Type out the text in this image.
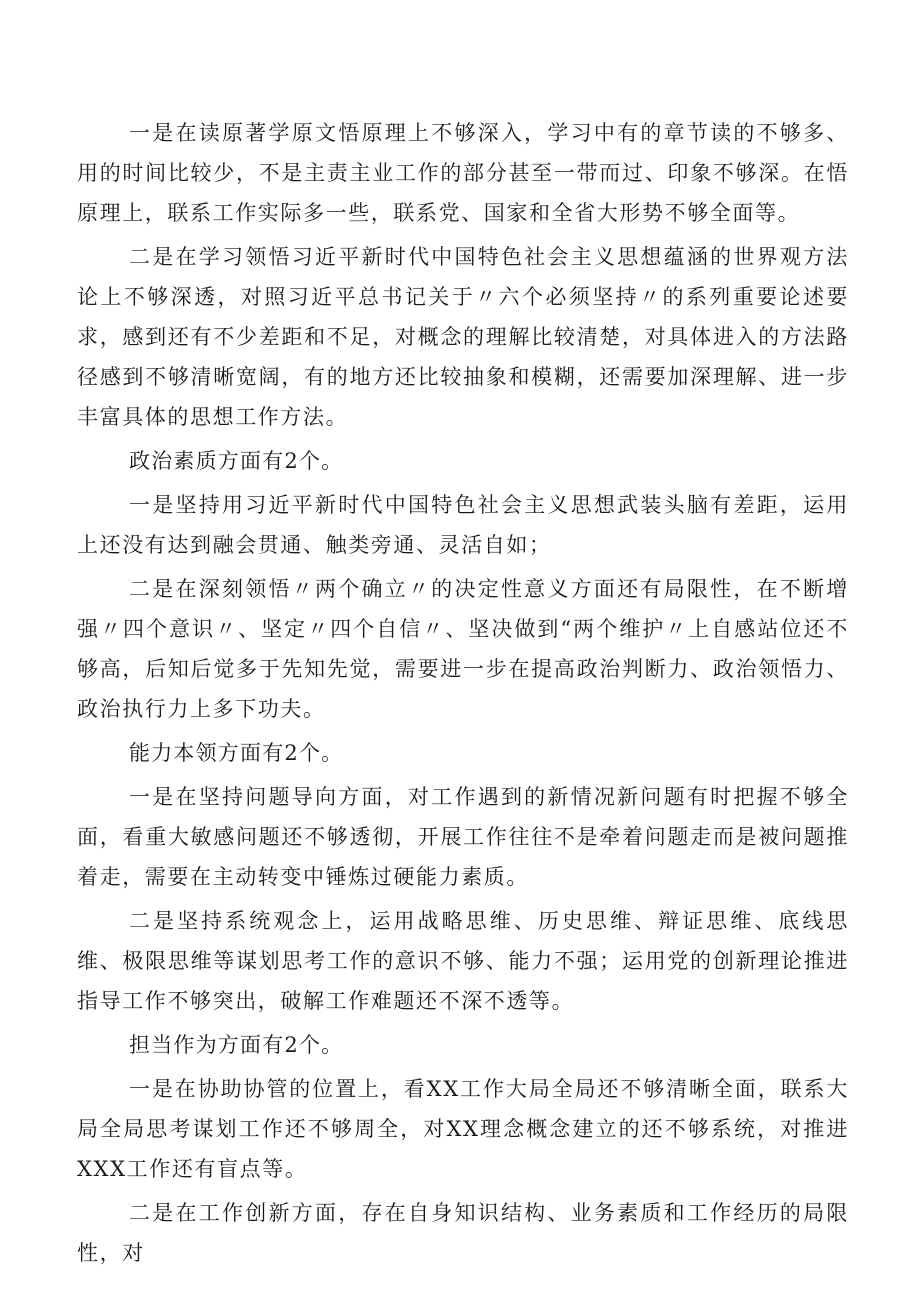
一是在读原著学原文悟原理上不够深入，学习中有的章节读的不够多、用的时间比较少，不是主责主业工作的部分甚至一带而过、印象不够深。在悟原理上，联系工作实际多一些，联系党、国家和全省大形势不够全面等。

二是在学习领悟习近平新时代中国特色社会主义思想蕴涵的世界观方法论上不够深透，对照习近平总书记关于〃六个必须坚持〃的系列重要论述要求，感到还有不少差距和不足，对概念的理解比较清楚，对具体进入的方法路径感到不够清晰宽阔，有的地方还比较抽象和模糊，还需要加深理解、进一步丰富具体的思想工作方法。

政治素质方面有2个。

一是坚持用习近平新时代中国特色社会主义思想武装头脑有差距，运用上还没有达到融会贯通、触类旁通、灵活自如；

二是在深刻领悟〃两个确立〃的决定性意义方面还有局限性，在不断增强〃四个意识〃、坚定〃四个自信〃、坚决做到“两个维护〃上自感站位还不够高，后知后觉多于先知先觉，需要进一步在提高政治判断力、政治领悟力、政治执行力上多下功夫。

能力本领方面有2个。

一是在坚持问题导向方面，对工作遇到的新情况新问题有时把握不够全面，看重大敏感问题还不够透彻，开展工作往往不是牵着问题走而是被问题推着走，需要在主动转变中锤炼过硬能力素质。

二是坚持系统观念上，运用战略思维、历史思维、辩证思维、底线思维、极限思维等谋划思考工作的意识不够、能力不强；运用党的创新理论推进指导工作不够突出，破解工作难题还不深不透等。

担当作为方面有2个。

一是在协助协管的位置上，看XX工作大局全局还不够清晰全面，联系大局全局思考谋划工作还不够周全，对XX理念概念建立的还不够系统，对推进XXX工作还有盲点等。

二是在工作创新方面，存在自身知识结构、业务素质和工作经历的局限性，对
